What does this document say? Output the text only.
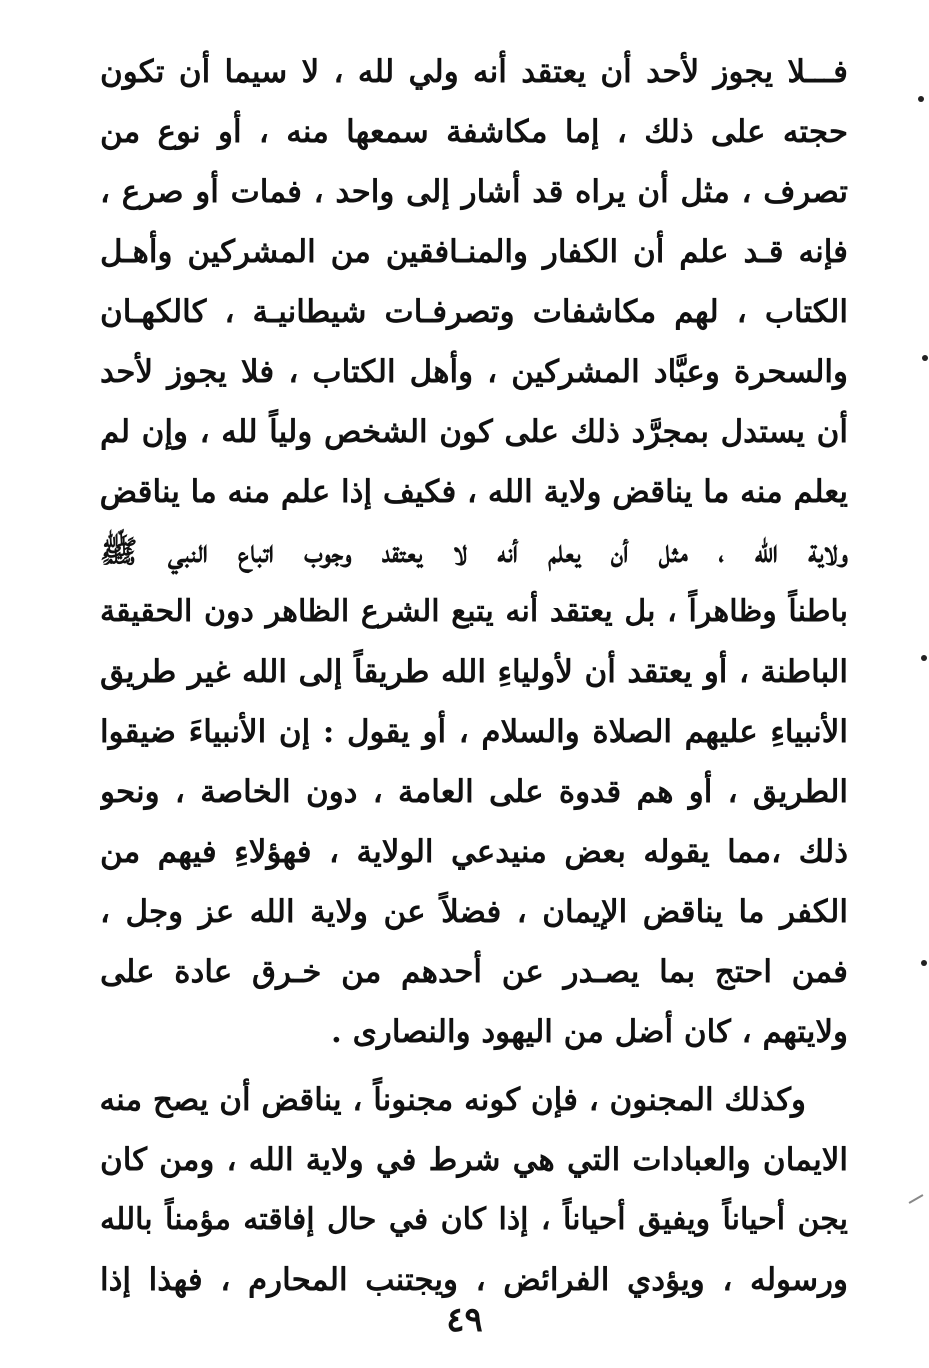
فـــلا يجوز لأحد أن يعتقد أنه ولي لله ، لا سيما أن تكون
حجته على ذلك ، إما مكاشفة سمعها منه ، أو نوع من
تصرف ، مثل أن يراه قد أشار إلى واحد ، فمات أو صرع ،
فإنه قـد علم أن الكفار والمنـافقين من المشركين وأهـل
الكتاب ، لهم مكاشفات وتصرفـات شيطانيـة ، كالكهـان
والسحرة وعبَّاد المشركين ، وأهل الكتاب ، فلا يجوز لأحد
أن يستدل بمجرَّد ذلك على كون الشخص ولياً لله ، وإن لم
يعلم منه ما يناقض ولاية الله ، فكيف إذا علم منه ما يناقض
ولاية الله ، مثل أن يعلم أنه لا يعتقد وجوب اتباع النبي ﷺ
باطناً وظاهراً ، بل يعتقد أنه يتبع الشرع الظاهر دون الحقيقة
الباطنة ، أو يعتقد أن لأولياءِ الله طريقاً إلى الله غير طريق
الأنبياءِ عليهم الصلاة والسلام ، أو يقول : إن الأنبياءَ ضيقوا
الطريق ، أو هم قدوة على العامة ، دون الخاصة ، ونحو
ذلك ،مما يقوله بعض منيدعي الولاية ، فهؤلاءِ فيهم من
الكفر ما يناقض الإيمان ، فضلاً عن ولاية الله عز وجل ،
فمن احتج بما يصـدر عن أحدهم من خـرق عادة على
ولايتهم ، كان أضل من اليهود والنصارى .
وكذلك المجنون ، فإن كونه مجنوناً ، يناقض أن يصح منه
الايمان والعبادات التي هي شرط في ولاية الله ، ومن كان
يجن أحياناً ويفيق أحياناً ، إذا كان في حال إفاقته مؤمناً بالله
ورسوله ، ويؤدي الفرائض ، ويجتنب المحارم ، فهذا إذا
٤٩
